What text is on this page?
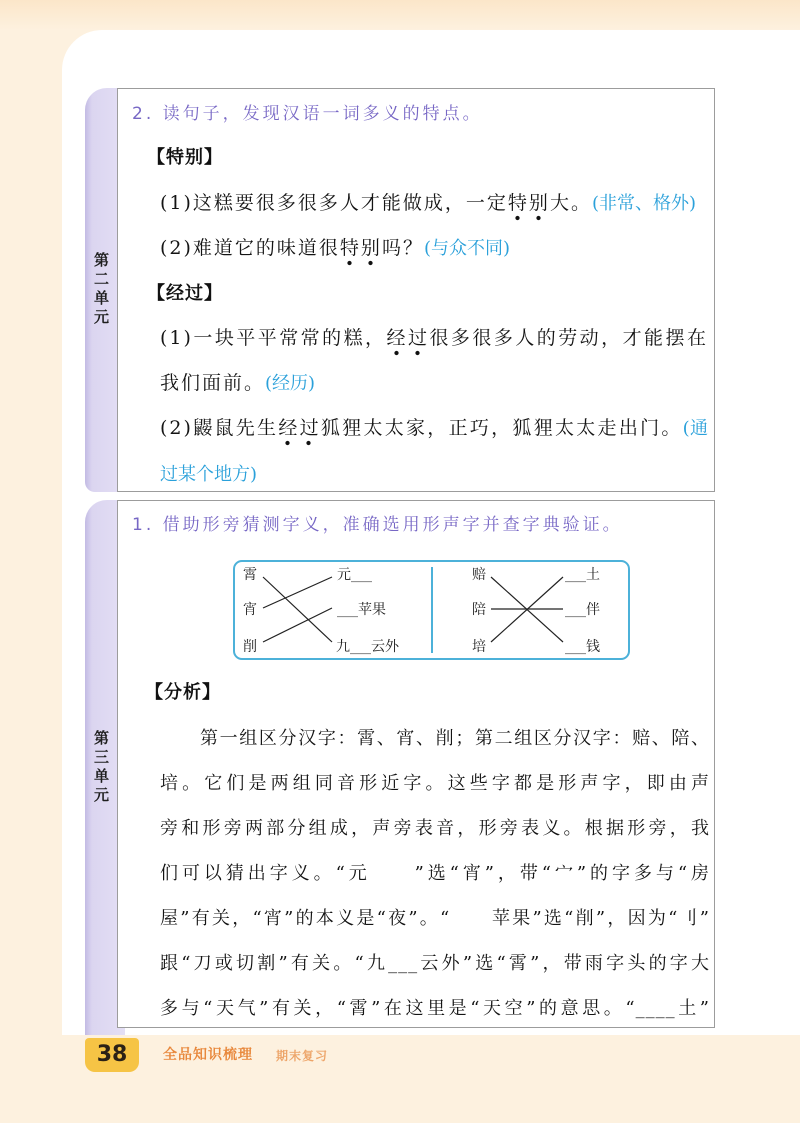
第二单元
第三单元
2. 读句子，发现汉语一词多义的特点。
【特别】
(1)这糕要很多很多人才能做成，一定特别大。(非常、格外)
(2)难道它的味道很特别吗？(与众不同)
【经过】
(1)一块平平常常的糕，经过很多很多人的劳动，才能摆在我们面前。(经历)
(2)鼹鼠先生经过狐狸太太家，正巧，狐狸太太走出门。(通过某个地方)
1. 借助形旁猜测字义，准确选用形声字并查字典验证。
霄
宵
削
元___
___苹果
九___云外
赔
陪
培
___土
___伴
___钱
【分析】
第一组区分汉字：霄、宵、削；第二组区分汉字：赔、陪、
培。它们是两组同音形近字。这些字都是形声字，即由声
旁和形旁两部分组成，声旁表音，形旁表义。根据形旁，我
们可以猜出字义。“元　　”选“宵”，带“宀”的字多与“房
屋”有关，“宵”的本义是“夜”。“　　苹果”选“削”，因为“刂”
跟“刀或切割”有关。“九___云外”选“霄”，带雨字头的字大
多与“天气”有关，“霄”在这里是“天空”的意思。“____土”
38	全品知识梳理 期末复习
